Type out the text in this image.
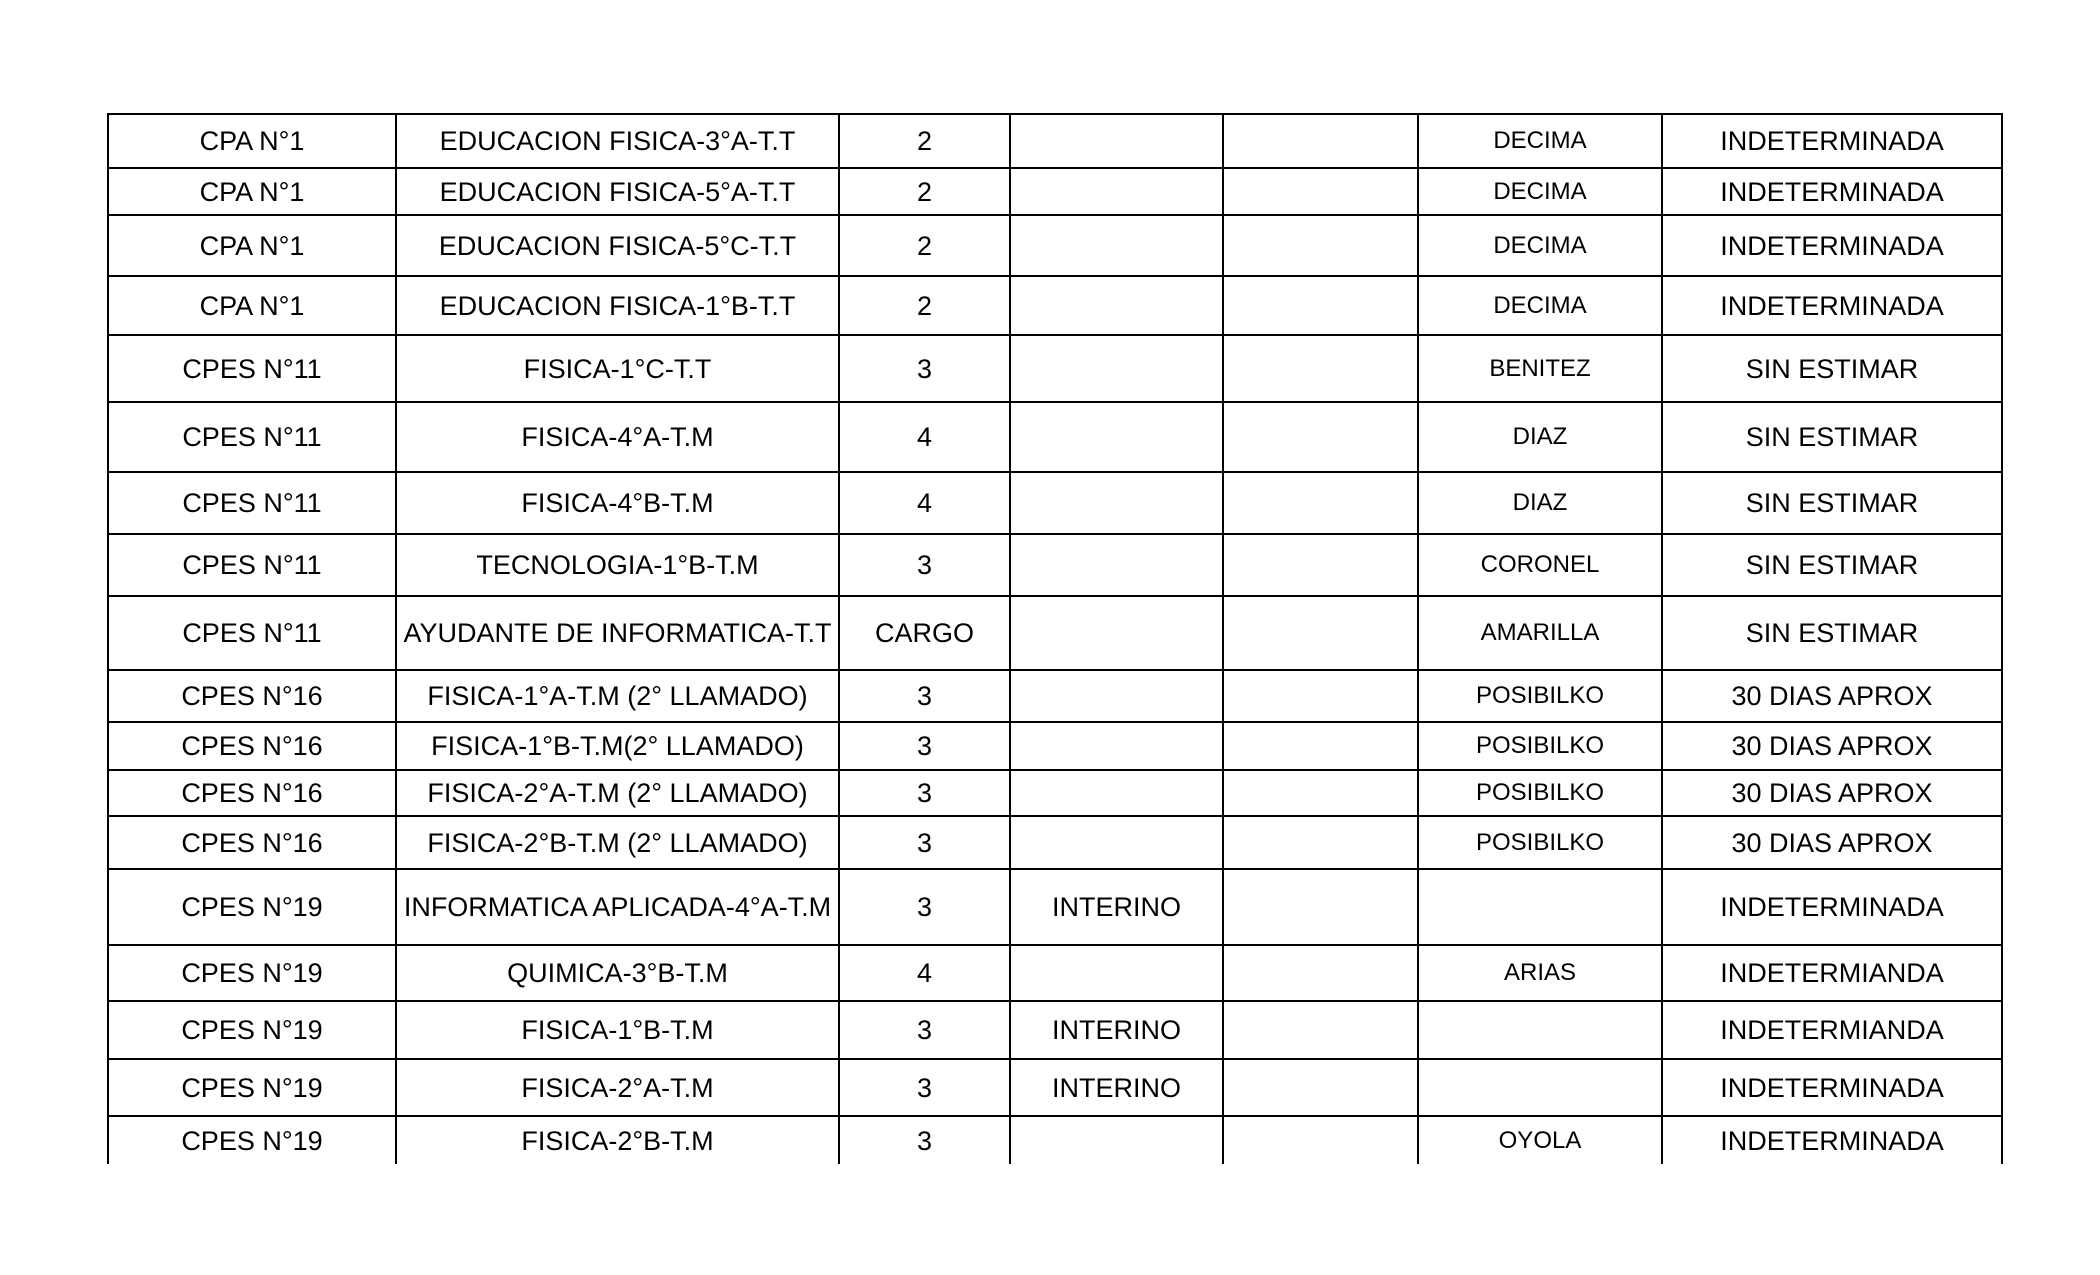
CPA N°1	EDUCACION FISICA-3°A-T.T	2			DECIMA	INDETERMINADA
CPA N°1	EDUCACION FISICA-5°A-T.T	2			DECIMA	INDETERMINADA
CPA N°1	EDUCACION FISICA-5°C-T.T	2			DECIMA	INDETERMINADA
CPA N°1	EDUCACION FISICA-1°B-T.T	2			DECIMA	INDETERMINADA
CPES N°11	FISICA-1°C-T.T	3			BENITEZ	SIN ESTIMAR
CPES N°11	FISICA-4°A-T.M	4			DIAZ	SIN ESTIMAR
CPES N°11	FISICA-4°B-T.M	4			DIAZ	SIN ESTIMAR
CPES N°11	TECNOLOGIA-1°B-T.M	3			CORONEL	SIN ESTIMAR
CPES N°11	AYUDANTE DE INFORMATICA-T.T	CARGO			AMARILLA	SIN ESTIMAR
CPES N°16	FISICA-1°A-T.M (2° LLAMADO)	3			POSIBILKO	30 DIAS APROX
CPES N°16	FISICA-1°B-T.M(2° LLAMADO)	3			POSIBILKO	30 DIAS APROX
CPES N°16	FISICA-2°A-T.M (2° LLAMADO)	3			POSIBILKO	30 DIAS APROX
CPES N°16	FISICA-2°B-T.M (2° LLAMADO)	3			POSIBILKO	30 DIAS APROX
CPES N°19	INFORMATICA APLICADA-4°A-T.M	3	INTERINO			INDETERMINADA
CPES N°19	QUIMICA-3°B-T.M	4			ARIAS	INDETERMIANDA
CPES N°19	FISICA-1°B-T.M	3	INTERINO			INDETERMIANDA
CPES N°19	FISICA-2°A-T.M	3	INTERINO			INDETERMINADA
CPES N°19	FISICA-2°B-T.M	3			OYOLA	INDETERMINADA
